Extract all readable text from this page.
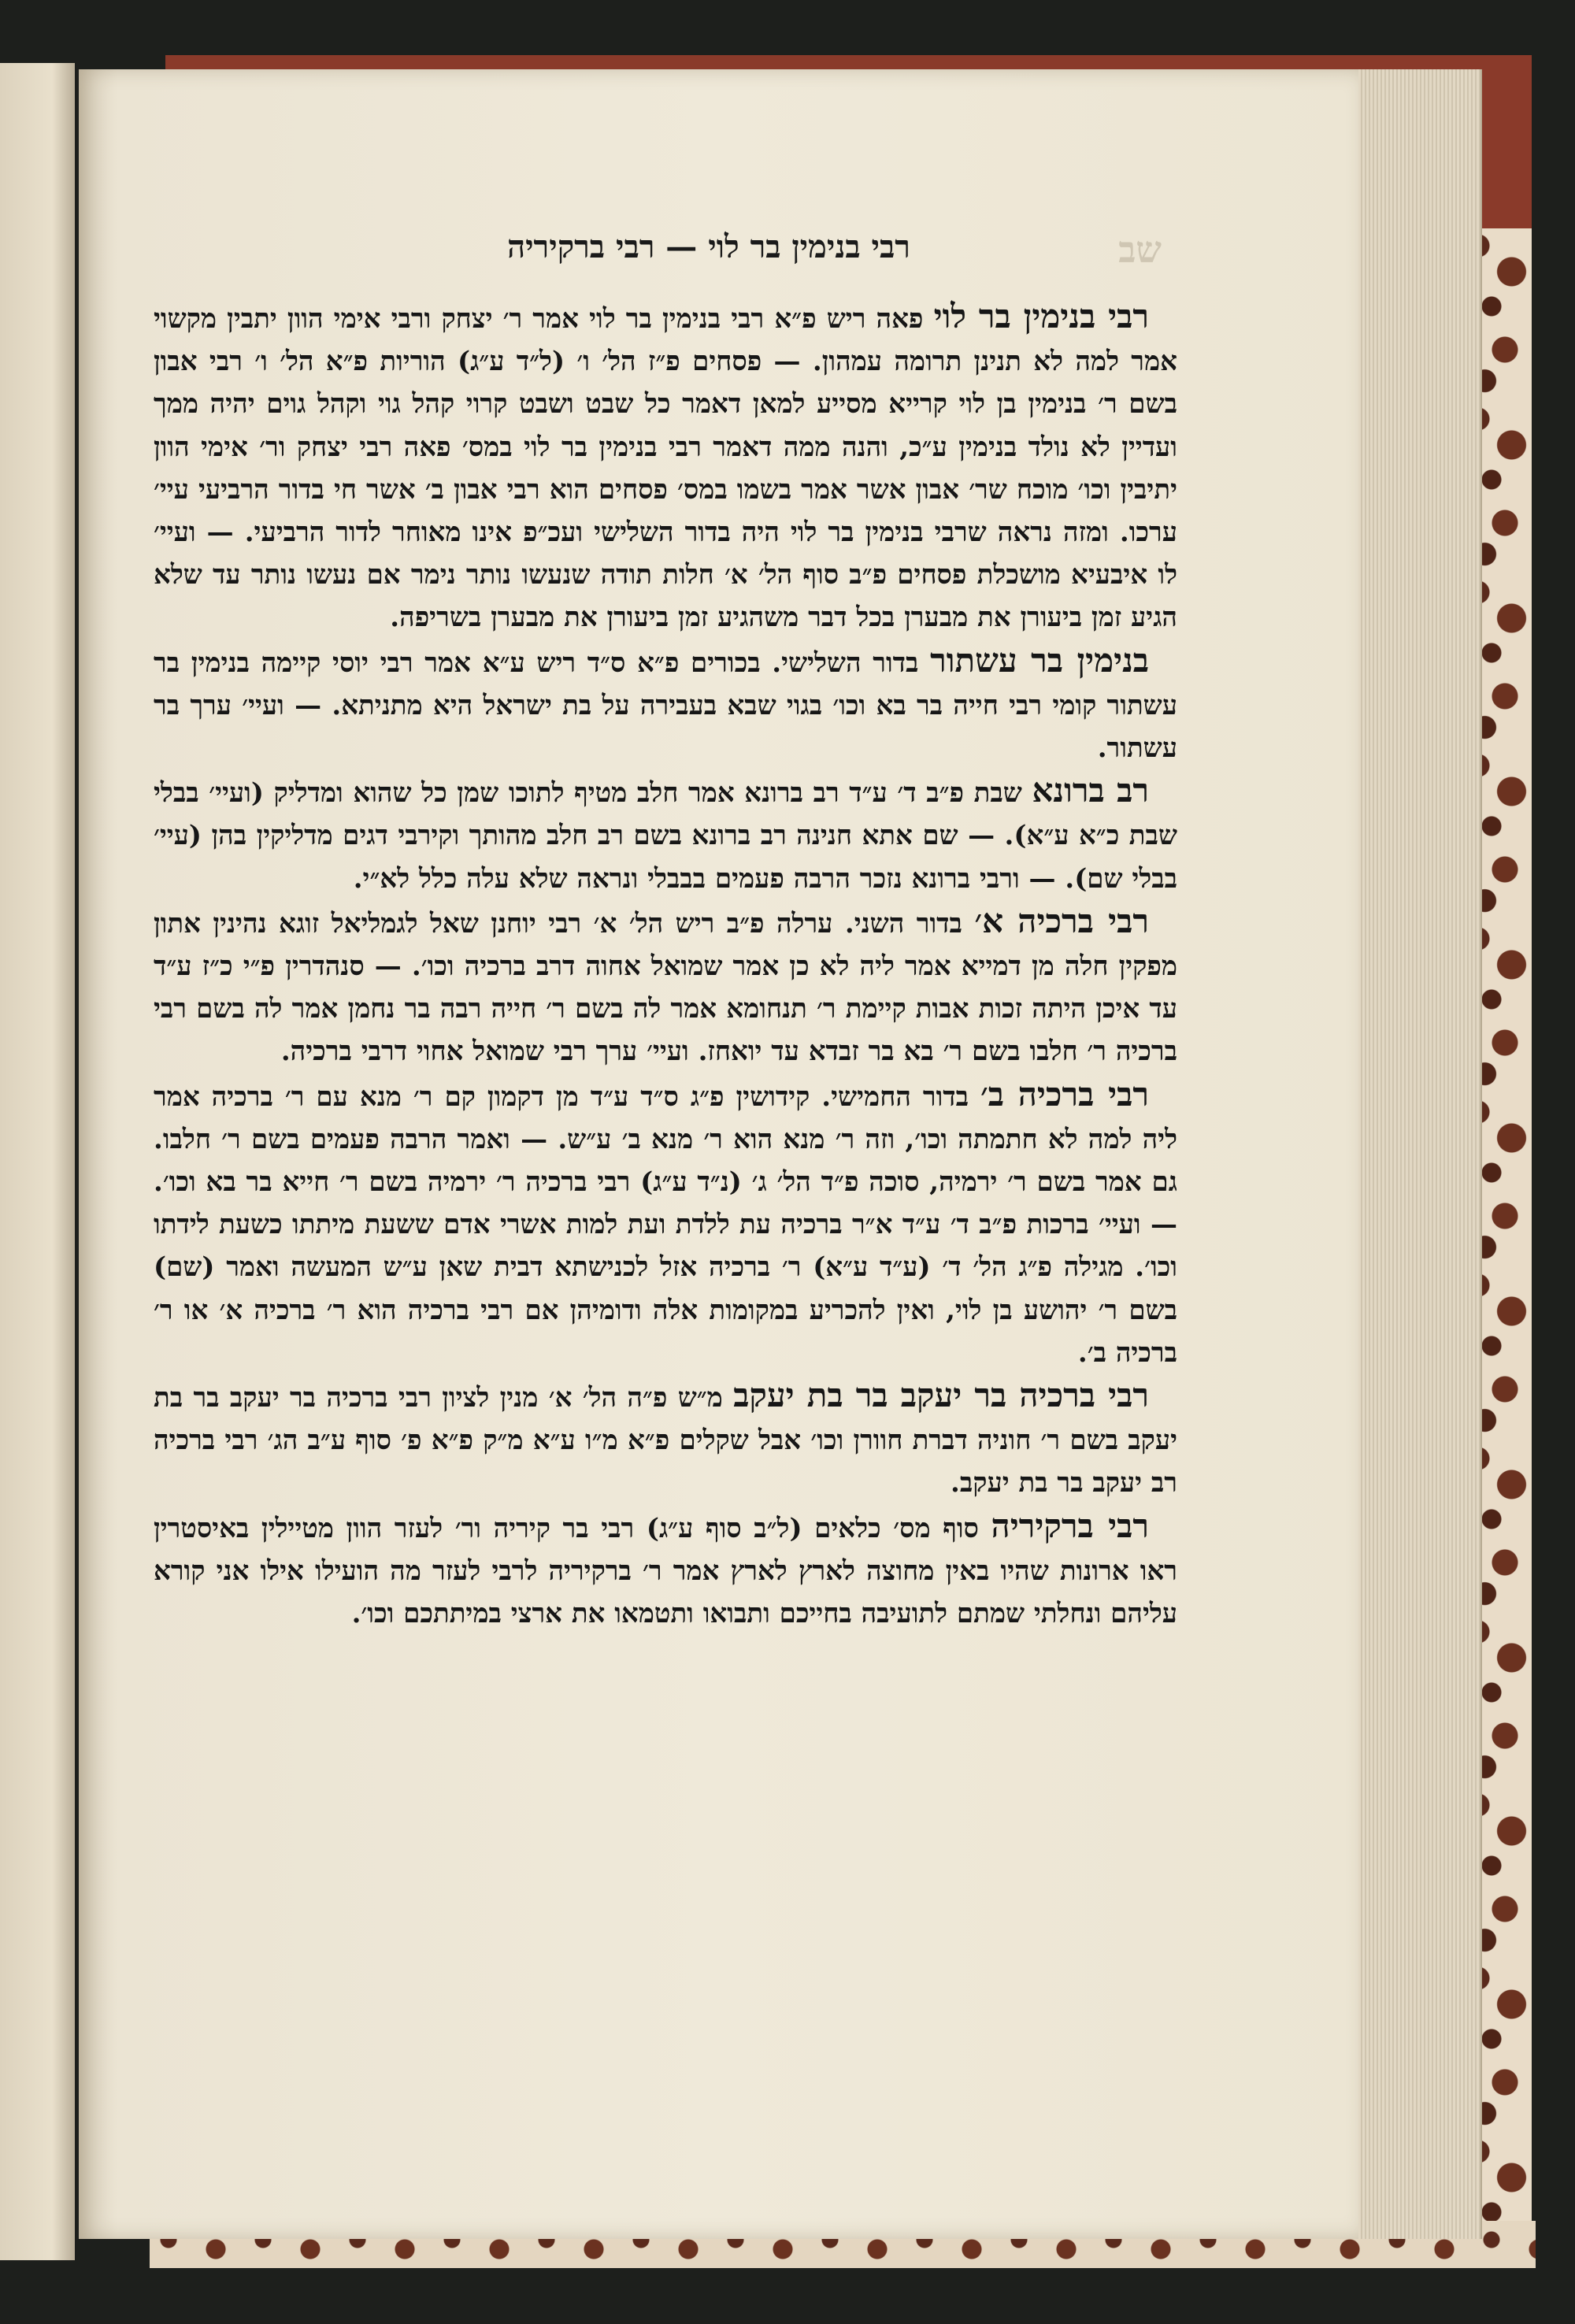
שב
רבי בנימין בר לוי — רבי ברקיריה

רבי בנימין בר לוי פאה ריש פ״א רבי בנימין בר לוי אמר ר׳ יצחק ורבי אימי הוון יתבין מקשוי אמר למה לא תנינן תרומה עמהון. — פסחים פ״ז הל׳ ו׳ (ל״ד ע״ג) הוריות פ״א הל׳ ו׳ רבי אבון בשם ר׳ בנימין בן לוי קרייא מסייע למאן דאמר כל שבט ושבט קרוי קהל גוי וקהל גוים יהיה ממך ועדיין לא נולד בנימין ע״כ, והנה ממה דאמר רבי בנימין בר לוי במס׳ פאה רבי יצחק ור׳ אימי הוון יתיבין וכו׳ מוכח שר׳ אבון אשר אמר בשמו במס׳ פסחים הוא רבי אבון ב׳ אשר חי בדור הרביעי עיי׳ ערכו. ומזה נראה שרבי בנימין בר לוי היה בדור השלישי ועכ״פ אינו מאוחר לדור הרביעי. — ועיי׳ לו איבעיא מושכלת פסחים פ״ב סוף הל׳ א׳ חלות תודה שנעשו נותר נימר אם נעשו נותר עד שלא הגיע זמן ביעורן את מבערן בכל דבר משהגיע זמן ביעורן את מבערן בשריפה.

בנימין בר עשתור בדור השלישי. בכורים פ״א ס״ד ריש ע״א אמר רבי יוסי קיימה בנימין בר עשתור קומי רבי חייה בר בא וכו׳ בגוי שבא בעבירה על בת ישראל היא מתניתא. — ועיי׳ ערך בר עשתור.

רב ברונא שבת פ״ב ד׳ ע״ד רב ברונא אמר חלב מטיף לתוכו שמן כל שהוא ומדליק (ועיי׳ בבלי שבת כ״א ע״א). — שם אתא חנינה רב ברונא בשם רב חלב מהותך וקירבי דגים מדליקין בהן (עיי׳ בבלי שם). — ורבי ברונא נזכר הרבה פעמים בבבלי ונראה שלא עלה כלל לא״י.

רבי ברכיה א׳ בדור השני. ערלה פ״ב ריש הל׳ א׳ רבי יוחנן שאל לגמליאל זוגא נהינין אתון מפקין חלה מן דמייא אמר ליה לא כן אמר שמואל אחוה דרב ברכיה וכו׳. — סנהדרין פ״י כ״ז ע״ד עד איכן היתה זכות אבות קיימת ר׳ תנחומא אמר לה בשם ר׳ חייה רבה בר נחמן אמר לה בשם רבי ברכיה ר׳ חלבו בשם ר׳ בא בר זבדא עד יואחז. ועיי׳ ערך רבי שמואל אחוי דרבי ברכיה.

רבי ברכיה ב׳ בדור החמישי. קידושין פ״ג ס״ד ע״ד מן דקמון קם ר׳ מנא עם ר׳ ברכיה אמר ליה למה לא חתמתה וכו׳, וזה ר׳ מנא הוא ר׳ מנא ב׳ ע״ש. — ואמר הרבה פעמים בשם ר׳ חלבו. גם אמר בשם ר׳ ירמיה, סוכה פ״ד הל׳ ג׳ (נ״ד ע״ג) רבי ברכיה ר׳ ירמיה בשם ר׳ חייא בר בא וכו׳. — ועיי׳ ברכות פ״ב ד׳ ע״ד א״ר ברכיה עת ללדת ועת למות אשרי אדם ששעת מיתתו כשעת לידתו וכו׳. מגילה פ״ג הל׳ ד׳ (ע״ד ע״א) ר׳ ברכיה אזל לכנישתא דבית שאן ע״ש המעשה ואמר (שם) בשם ר׳ יהושע בן לוי, ואין להכריע במקומות אלה ודומיהן אם רבי ברכיה הוא ר׳ ברכיה א׳ או ר׳ ברכיה ב׳.

רבי ברכיה בר יעקב בר בת יעקב מ״ש פ״ה הל׳ א׳ מנין לציון רבי ברכיה בר יעקב בר בת יעקב בשם ר׳ חוניה דברת חוורן וכו׳ אבל שקלים פ״א מ״ו ע״א מ״ק פ״א פ׳ סוף ע״ב הג׳ רבי ברכיה רב יעקב בר בת יעקב.

רבי ברקיריה סוף מס׳ כלאים (ל״ב סוף ע״ג) רבי בר קיריה ור׳ לעזר הוון מטיילין באיסטרין ראו ארונות שהיו באין מחוצה לארץ לארץ אמר ר׳ ברקיריה לרבי לעזר מה הועילו אילו אני קורא עליהם ונחלתי שמתם לתועיבה בחייכם ותבואו ותטמאו את ארצי במיתתכם וכו׳.
